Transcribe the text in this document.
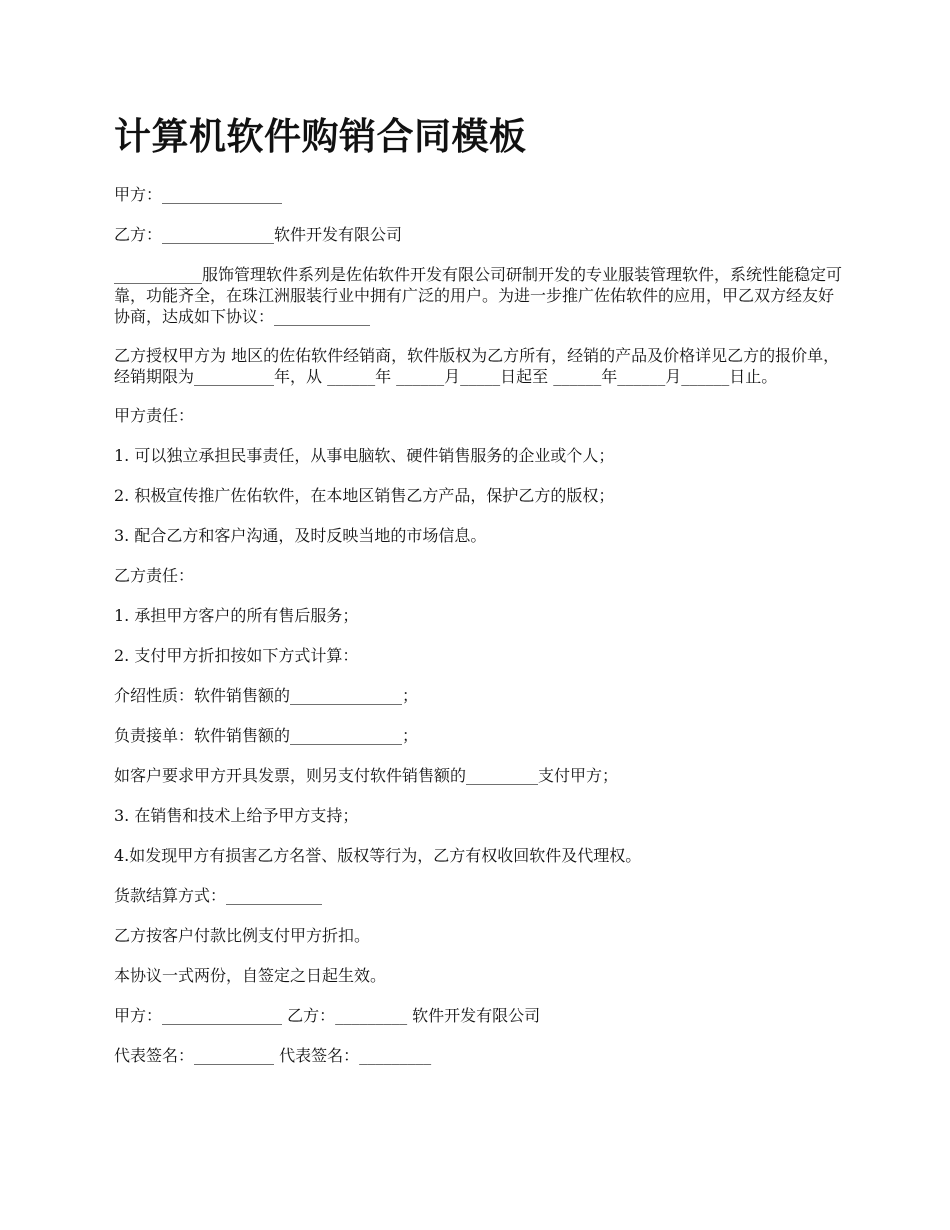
计算机软件购销合同模板

甲方：_______________

乙方：______________软件开发有限公司

___________服饰管理软件系列是佐佑软件开发有限公司研制开发的专业服装管理软件，系统性能稳定可靠，功能齐全，在珠江洲服装行业中拥有广泛的用户。为进一步推广佐佑软件的应用，甲乙双方经友好协商，达成如下协议：____________

乙方授权甲方为 地区的佐佑软件经销商，软件版权为乙方所有，经销的产品及价格详见乙方的报价单，经销期限为__________年，从 ______年 ______月_____日起至 ______年______月______日止。

甲方责任：

1. 可以独立承担民事责任，从事电脑软、硬件销售服务的企业或个人；

2. 积极宣传推广佐佑软件，在本地区销售乙方产品，保护乙方的版权；

3. 配合乙方和客户沟通，及时反映当地的市场信息。

乙方责任：

1. 承担甲方客户的所有售后服务；

2. 支付甲方折扣按如下方式计算：

介绍性质：软件销售额的______________；

负责接单：软件销售额的______________；

如客户要求甲方开具发票，则另支付软件销售额的_________支付甲方；

3. 在销售和技术上给予甲方支持；

4.如发现甲方有损害乙方名誉、版权等行为，乙方有权收回软件及代理权。

货款结算方式：____________

乙方按客户付款比例支付甲方折扣。

本协议一式两份，自签定之日起生效。

甲方：_______________ 乙方：_________ 软件开发有限公司

代表签名：__________ 代表签名：_________
